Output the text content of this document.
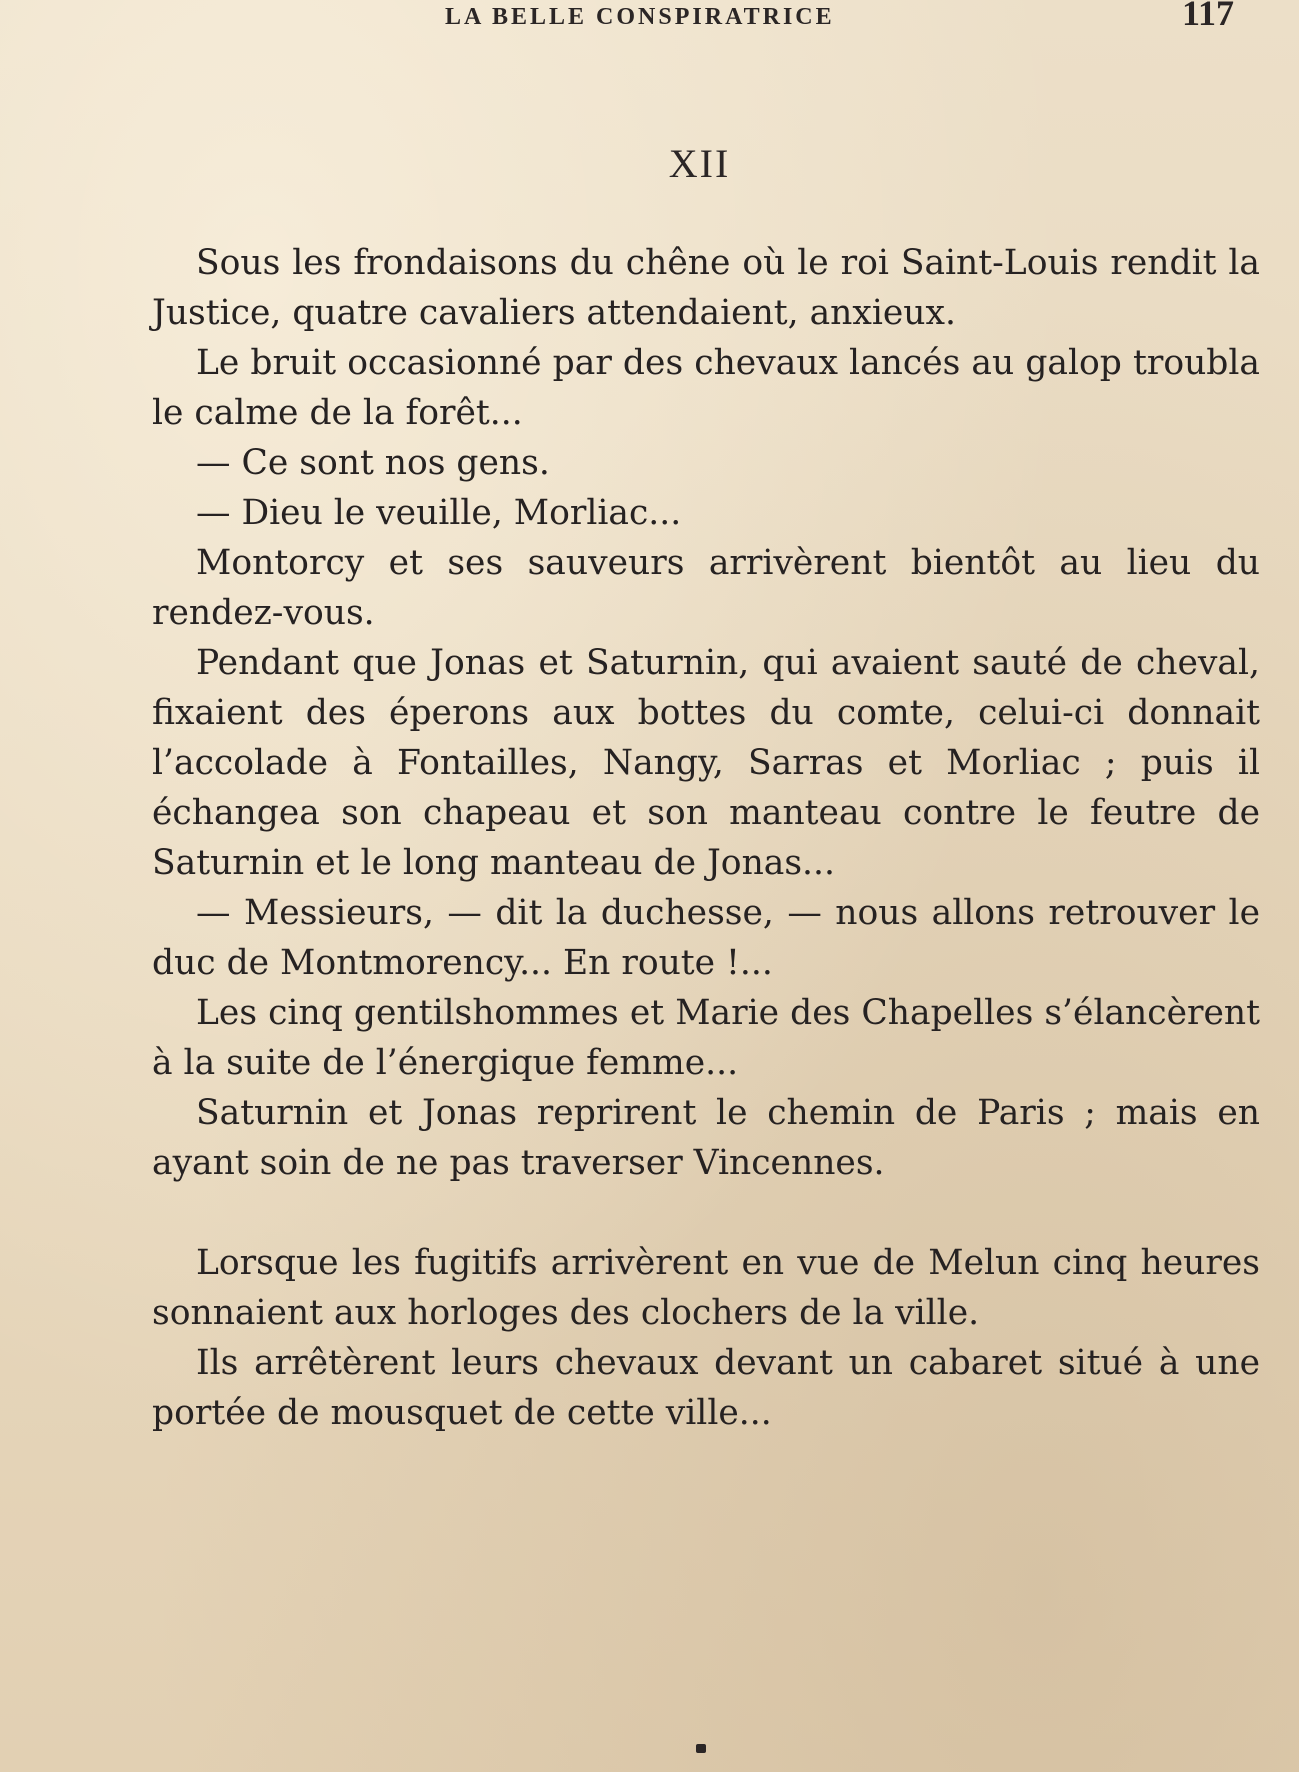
LA BELLE CONSPIRATRICE	117
XII

Sous les frondaisons du chêne où le roi Saint-Louis rendit la Justice, quatre cavaliers attendaient, anxieux.

Le bruit occasionné par des chevaux lancés au galop troubla le calme de la forêt...

— Ce sont nos gens.

— Dieu le veuille, Morliac...

Montorcy et ses sauveurs arrivèrent bientôt au lieu du rendez-vous.

Pendant que Jonas et Saturnin, qui avaient sauté de cheval, fixaient des éperons aux bottes du comte, celui-ci donnait l’accolade à Fontailles, Nangy, Sarras et Morliac ; puis il échangea son chapeau et son manteau contre le feutre de Saturnin et le long manteau de Jonas...

— Messieurs, — dit la duchesse, — nous allons retrouver le duc de Montmorency... En route !...

Les cinq gentilshommes et Marie des Chapelles s’élancèrent à la suite de l’énergique femme...

Saturnin et Jonas reprirent le chemin de Paris ; mais en ayant soin de ne pas traverser Vincennes.

Lorsque les fugitifs arrivèrent en vue de Melun cinq heures sonnaient aux horloges des clochers de la ville.

Ils arrêtèrent leurs chevaux devant un cabaret situé à une portée de mousquet de cette ville...
